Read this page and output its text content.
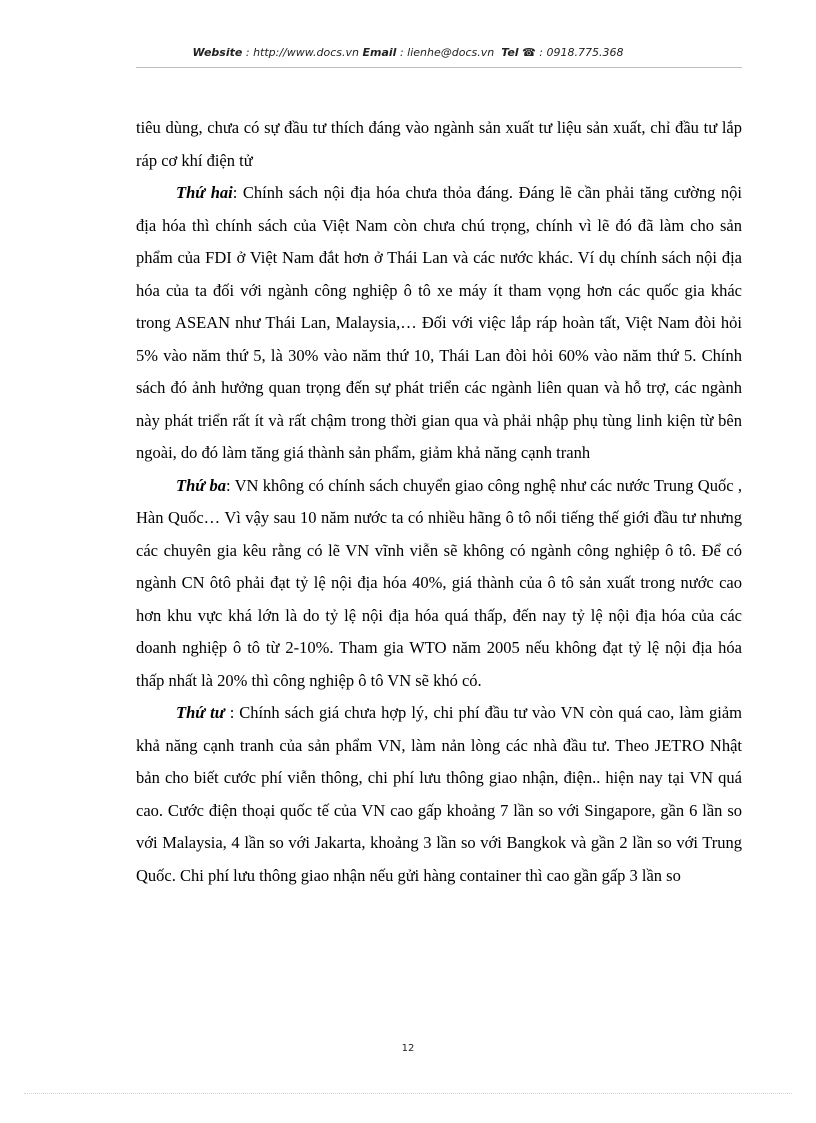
Website : http://www.docs.vn Email : lienhe@docs.vn Tel ☎ : 0918.775.368

tiêu dùng, chưa có sự đầu tư thích đáng vào ngành sản xuất tư liệu sản xuất, chỉ đầu tư lắp ráp cơ khí điện tử

Thứ hai: Chính sách nội địa hóa chưa thỏa đáng. Đáng lẽ cần phải tăng cường nội địa hóa thì chính sách của Việt Nam còn chưa chú trọng, chính vì lẽ đó đã làm cho sản phẩm của FDI ở Việt Nam đắt hơn ở Thái Lan và các nước khác. Ví dụ chính sách nội địa hóa của ta đối với ngành công nghiệp ô tô xe máy ít tham vọng hơn các quốc gia khác trong ASEAN như Thái Lan, Malaysia,… Đối với việc lắp ráp hoàn tất, Việt Nam đòi hỏi 5% vào năm thứ 5, là 30% vào năm thứ 10, Thái Lan đòi hỏi 60% vào năm thứ 5. Chính sách đó ảnh hưởng quan trọng đến sự phát triển các ngành liên quan và hỗ trợ, các ngành này phát triển rất ít và rất chậm trong thời gian qua và phải nhập phụ tùng linh kiện từ bên ngoài, do đó làm tăng giá thành sản phẩm, giảm khả năng cạnh tranh

Thứ ba: VN không có chính sách chuyển giao công nghệ như các nước Trung Quốc , Hàn Quốc… Vì vậy sau 10 năm nước ta có nhiều hãng ô tô nổi tiếng thế giới đầu tư nhưng các chuyên gia kêu rằng có lẽ VN vĩnh viễn sẽ không có ngành công nghiệp ô tô. Để có ngành CN ôtô phải đạt tỷ lệ nội địa hóa 40%, giá thành của ô tô sản xuất trong nước cao hơn khu vực khá lớn là do tỷ lệ nội địa hóa quá thấp, đến nay tỷ lệ nội địa hóa của các doanh nghiệp ô tô từ 2-10%. Tham gia WTO năm 2005 nếu không đạt tỷ lệ nội địa hóa thấp nhất là 20% thì công nghiệp ô tô VN sẽ khó có.

Thứ tư : Chính sách giá chưa hợp lý, chi phí đầu tư vào VN còn quá cao, làm giảm khả năng cạnh tranh của sản phẩm VN, làm nản lòng các nhà đầu tư. Theo JETRO Nhật bản cho biết cước phí viễn thông, chi phí lưu thông giao nhận, điện.. hiện nay tại VN quá cao. Cước điện thoại quốc tế của VN cao gấp khoảng 7 lần so với Singapore, gần 6 lần so với Malaysia, 4 lần so với Jakarta, khoảng 3 lần so với Bangkok và gần 2 lần so với Trung Quốc. Chi phí lưu thông giao nhận nếu gửi hàng container thì cao gần gấp 3 lần so

12
